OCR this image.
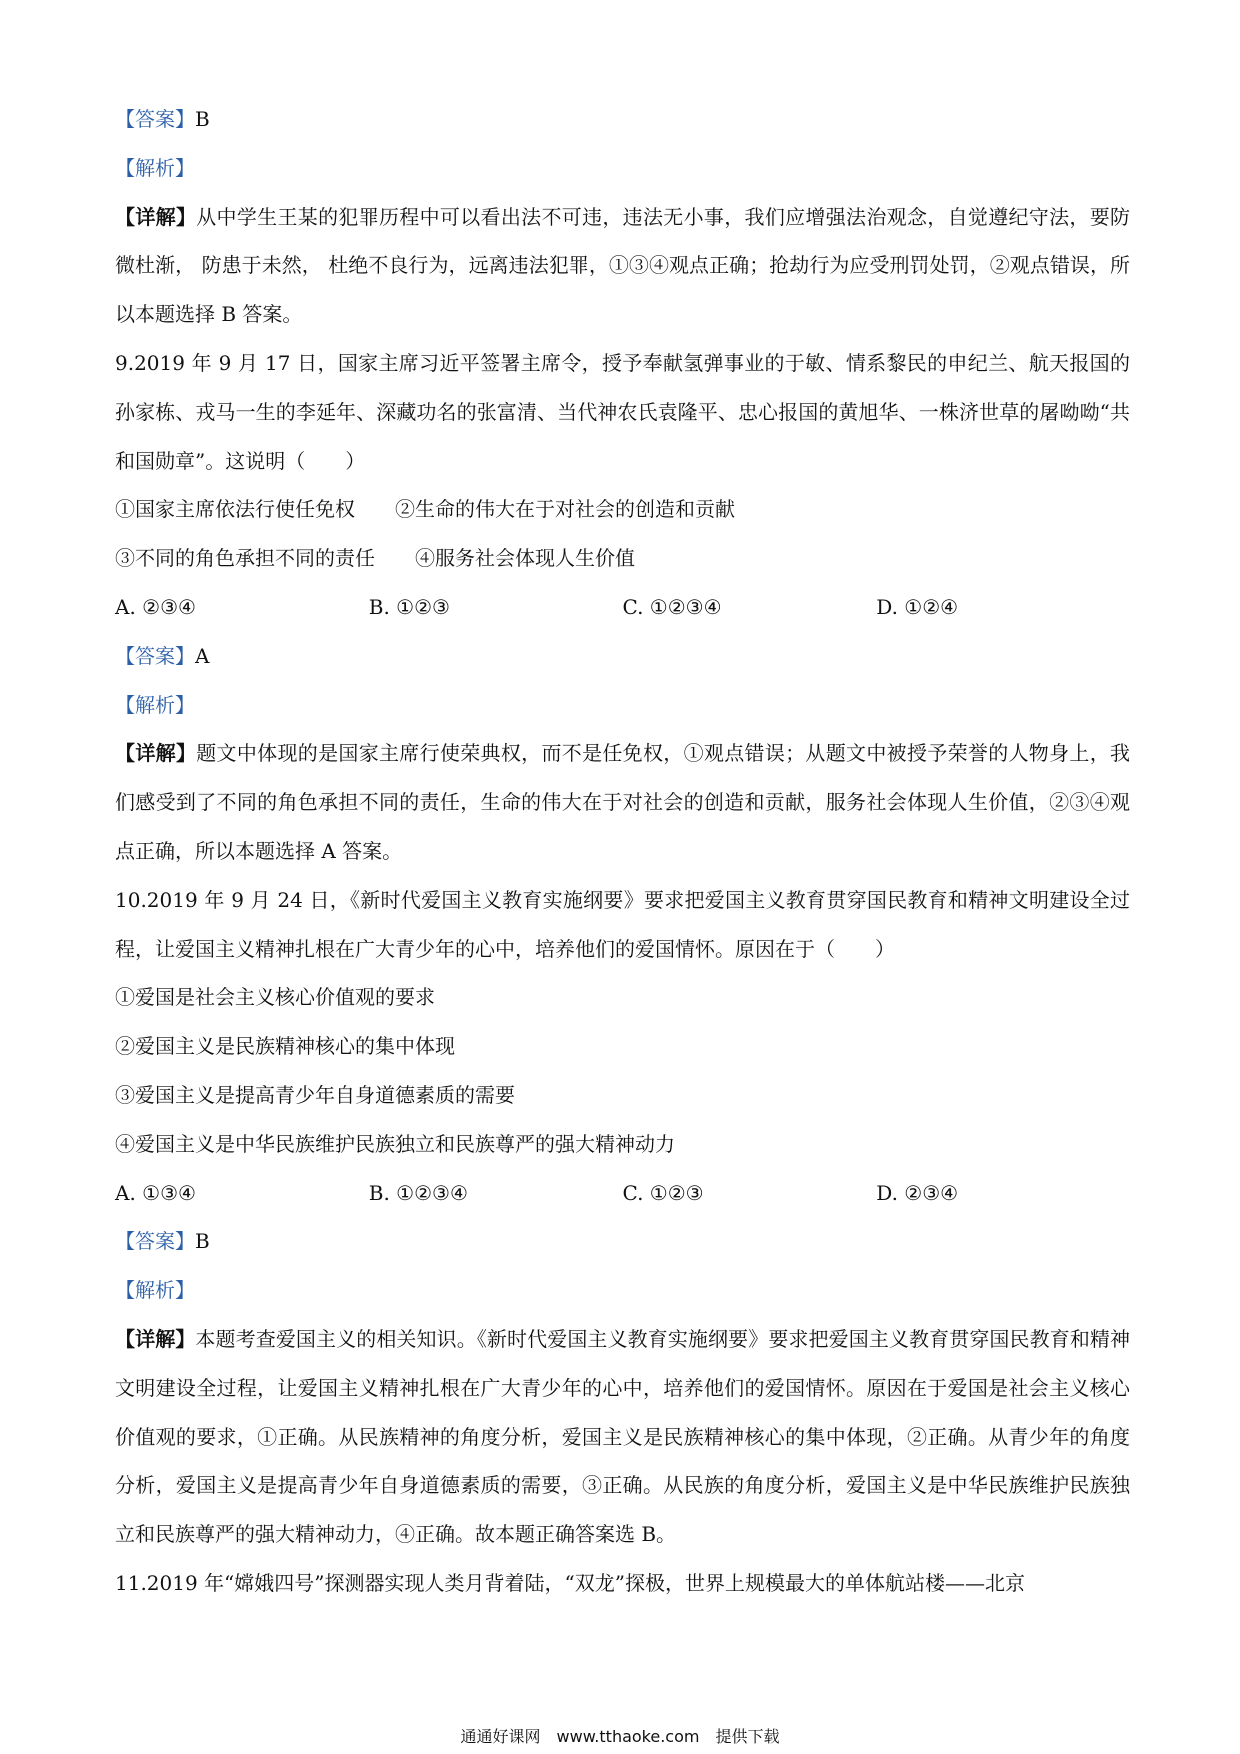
【答案】B
【解析】
【详解】从中学生王某的犯罪历程中可以看出法不可违，违法无小事，我们应增强法治观念，自觉遵纪守法，要防微杜渐， 防患于未然， 杜绝不良行为，远离违法犯罪，①③④观点正确；抢劫行为应受刑罚处罚，②观点错误，所以本题选择 B 答案。
9.2019 年 9 月 17 日，国家主席习近平签署主席令，授予奉献氢弹事业的于敏、情系黎民的申纪兰、航天报国的孙家栋、戎马一生的李延年、深藏功名的张富清、当代神农氏袁隆平、忠心报国的黄旭华、一株济世草的屠呦呦“共和国勋章”。这说明（　　）
①国家主席依法行使任免权　　②生命的伟大在于对社会的创造和贡献
③不同的角色承担不同的责任　　④服务社会体现人生价值
A. ②③④	B. ①②③	C. ①②③④	D. ①②④
【答案】A
【解析】
【详解】题文中体现的是国家主席行使荣典权，而不是任免权，①观点错误；从题文中被授予荣誉的人物身上，我们感受到了不同的角色承担不同的责任，生命的伟大在于对社会的创造和贡献，服务社会体现人生价值，②③④观点正确，所以本题选择 A 答案。
10.2019 年 9 月 24 日，《新时代爱国主义教育实施纲要》要求把爱国主义教育贯穿国民教育和精神文明建设全过程，让爱国主义精神扎根在广大青少年的心中，培养他们的爱国情怀。原因在于（　　）
①爱国是社会主义核心价值观的要求
②爱国主义是民族精神核心的集中体现
③爱国主义是提高青少年自身道德素质的需要
④爱国主义是中华民族维护民族独立和民族尊严的强大精神动力
A. ①③④	B. ①②③④	C. ①②③	D. ②③④
【答案】B
【解析】
【详解】本题考查爱国主义的相关知识。《新时代爱国主义教育实施纲要》要求把爱国主义教育贯穿国民教育和精神文明建设全过程，让爱国主义精神扎根在广大青少年的心中，培养他们的爱国情怀。原因在于爱国是社会主义核心价值观的要求，①正确。从民族精神的角度分析，爱国主义是民族精神核心的集中体现，②正确。从青少年的角度分析，爱国主义是提高青少年自身道德素质的需要，③正确。从民族的角度分析，爱国主义是中华民族维护民族独立和民族尊严的强大精神动力，④正确。故本题正确答案选 B。
11.2019 年“嫦娥四号”探测器实现人类月背着陆，“双龙”探极，世界上规模最大的单体航站楼——北京
通通好课网　www.tthaoke.com　提供下载
